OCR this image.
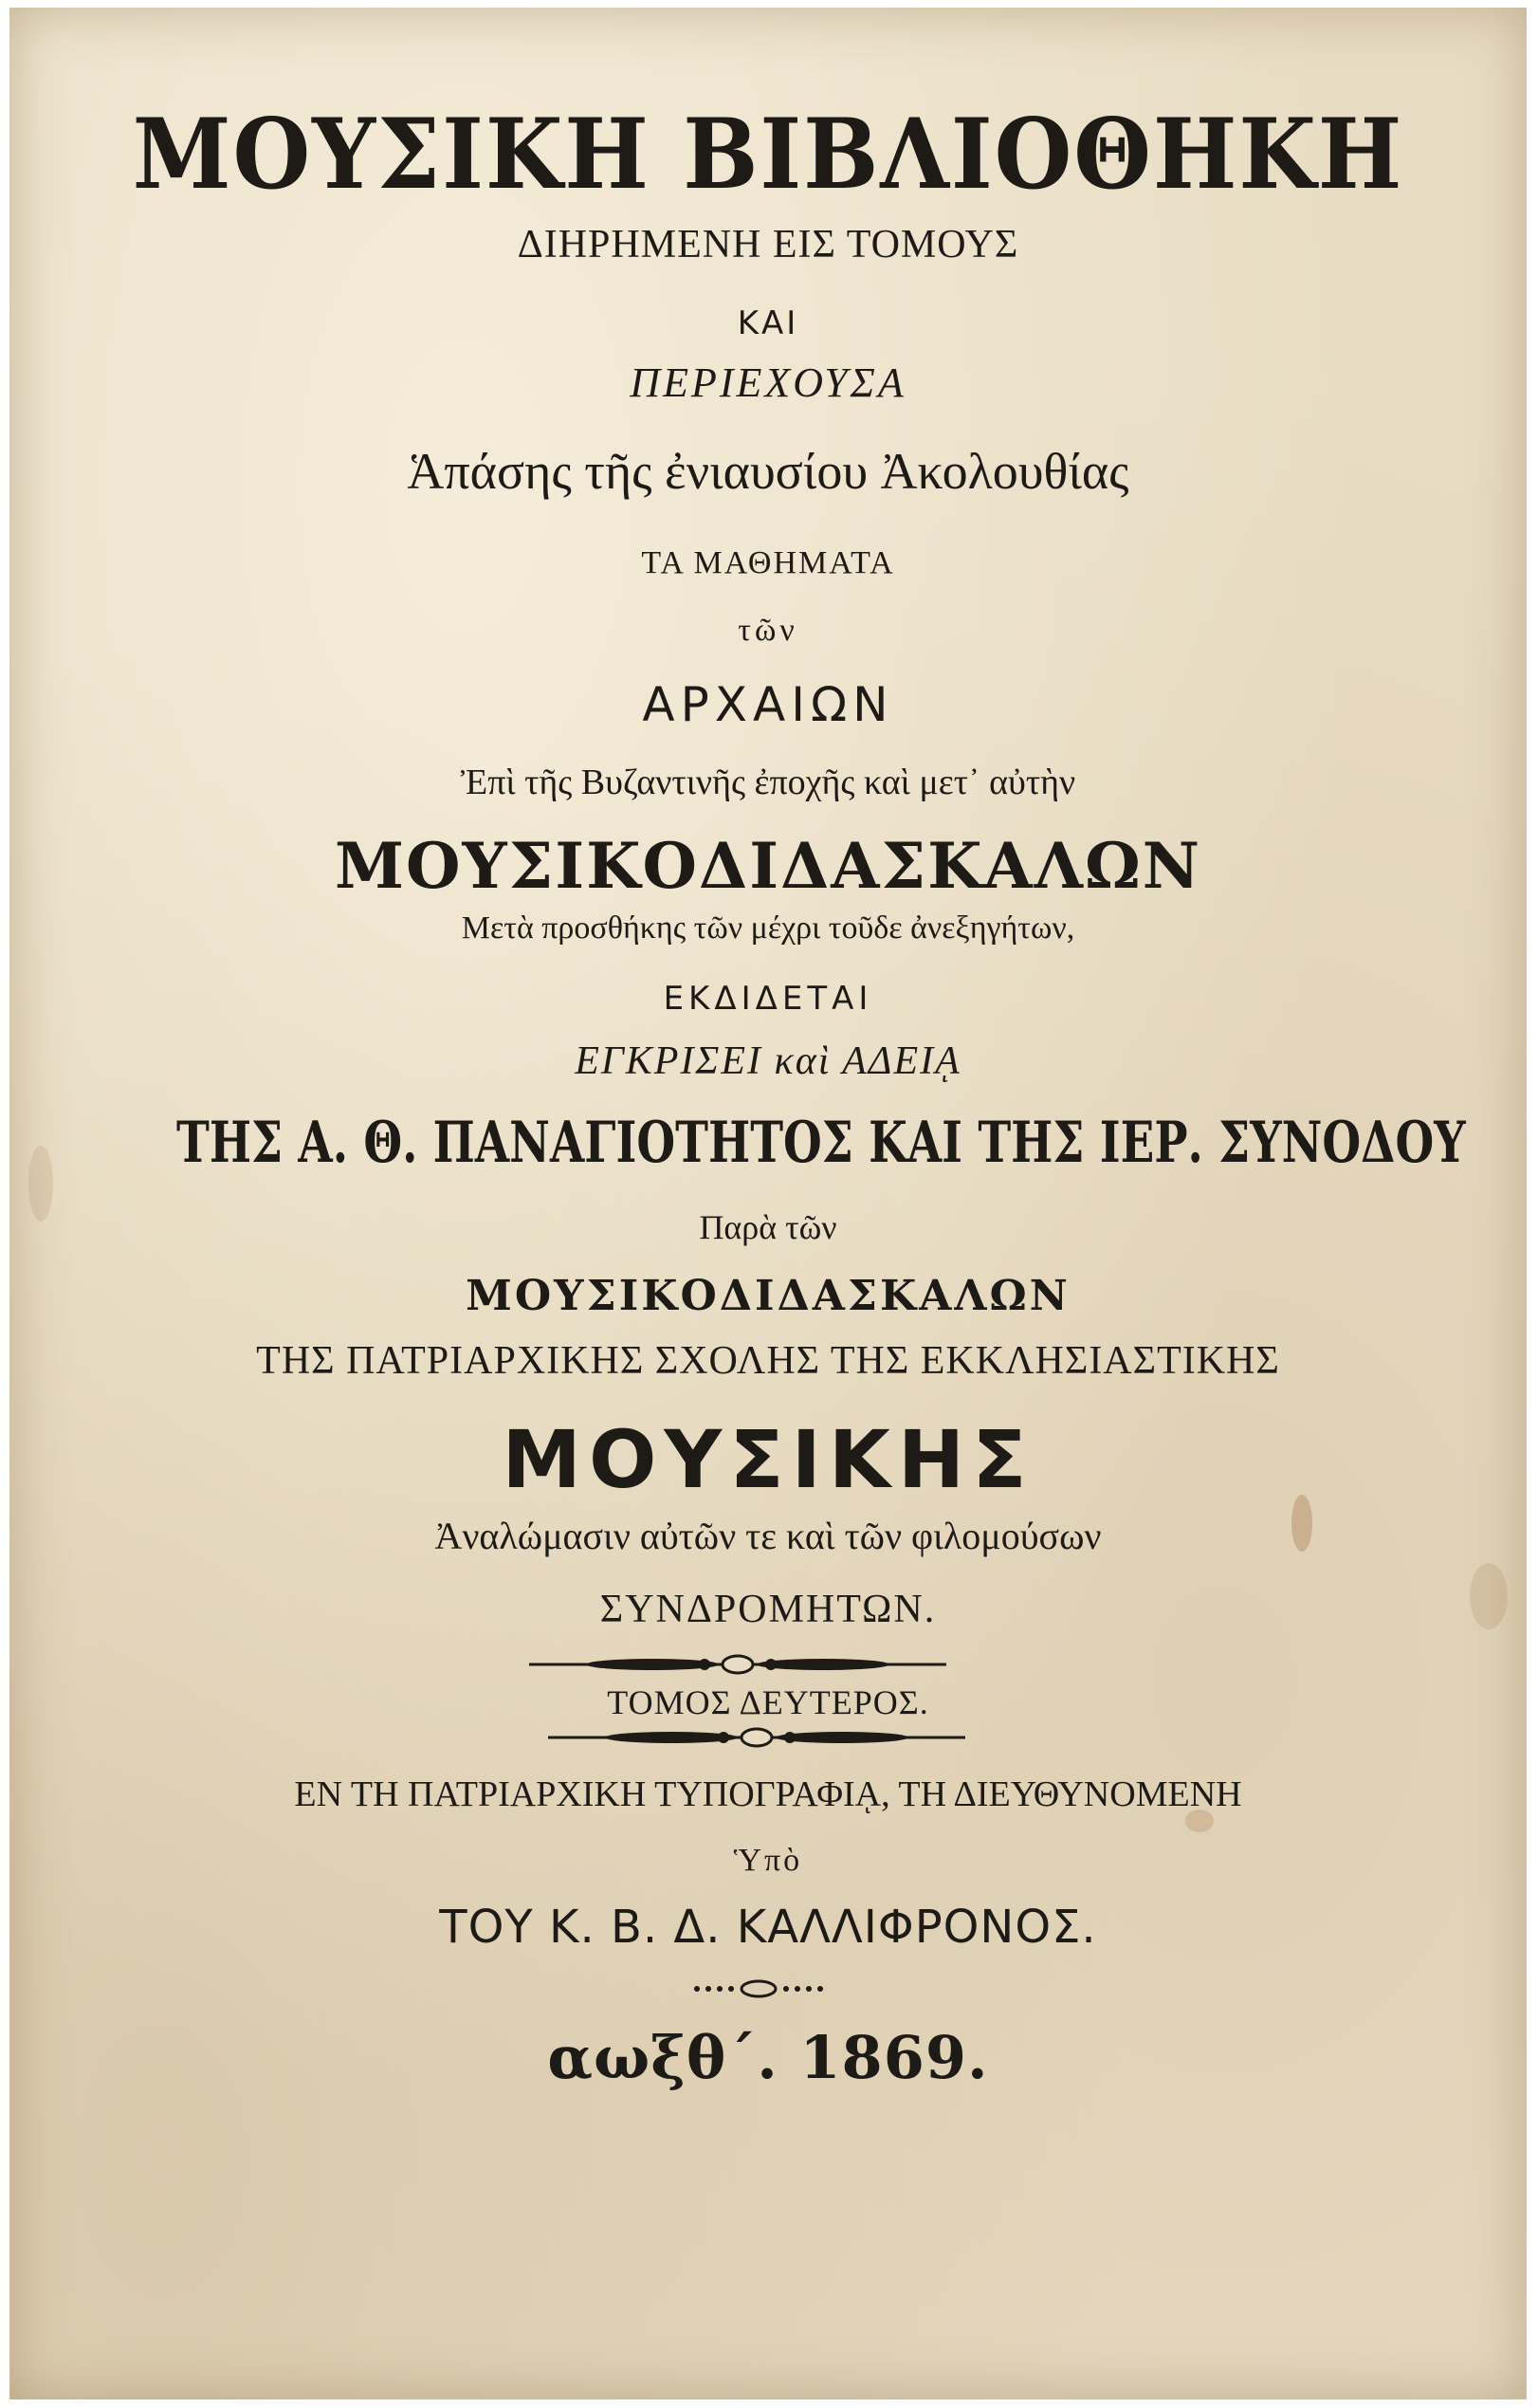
ΜΟΥΣΙΚΗ ΒΙΒΛΙΟΘΗΚΗ
ΔΙΗΡΗΜΕΝΗ ΕΙΣ ΤΟΜΟΥΣ
ΚΑΙ
ΠΕΡΙΕΧΟΥΣΑ
Ἁπάσης τῆς ἐνιαυσίου Ἀκολουθίας
ΤΑ ΜΑΘΗΜΑΤΑ
τῶν
ΑΡΧΑΙΩΝ
Ἐπὶ τῆς Βυζαντινῆς ἐποχῆς καὶ μετ᾽ αὐτὴν
ΜΟΥΣΙΚΟΔΙΔΑΣΚΑΛΩΝ
Μετὰ προσθήκης τῶν μέχρι τοῦδε ἀνεξηγήτων,
ΕΚΔΙΔΕΤΑΙ
ΕΓΚΡΙΣΕΙ καὶ ΑΔΕΙᾼ
ΤΗΣ Α. Θ. ΠΑΝΑΓΙΟΤΗΤΟΣ ΚΑΙ ΤΗΣ ΙΕΡ. ΣΥΝΟΔΟΥ
Παρὰ τῶν
ΜΟΥΣΙΚΟΔΙΔΑΣΚΑΛΩΝ
ΤΗΣ ΠΑΤΡΙΑΡΧΙΚΗΣ ΣΧΟΛΗΣ ΤΗΣ ΕΚΚΛΗΣΙΑΣΤΙΚΗΣ
ΜΟΥΣΙΚΗΣ
Ἀναλώμασιν αὐτῶν τε καὶ τῶν φιλομούσων
ΣΥΝΔΡΟΜΗΤΩΝ.
ΤΟΜΟΣ ΔΕΥΤΕΡΟΣ.
ΕΝ ΤΗ ΠΑΤΡΙΑΡΧΙΚΗ ΤΥΠΟΓΡΑΦΙᾼ, ΤΗ ΔΙΕΥΘΥΝΟΜΕΝΗ
Ὑπὸ
ΤΟΥ Κ. Β. Δ. ΚΑΛΛΙΦΡΟΝΟΣ.
αωξθ΄. 1869.
